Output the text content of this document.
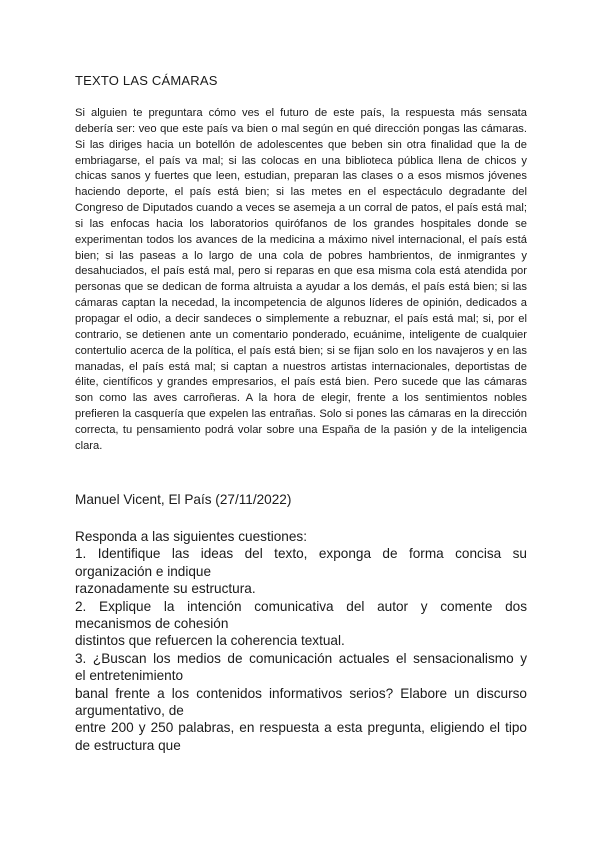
TEXTO LAS CÁMARAS

Si alguien te preguntara cómo ves el futuro de este país, la respuesta más sensata debería ser: veo que este país va bien o mal según en qué dirección pongas las cámaras. Si las diriges hacia un botellón de adolescentes que beben sin otra finalidad que la de embriagarse, el país va mal; si las colocas en una biblioteca pública llena de chicos y chicas sanos y fuertes que leen, estudian, preparan las clases o a esos mismos jóvenes haciendo deporte, el país está bien; si las metes en el espectáculo degradante del Congreso de Diputados cuando a veces se asemeja a un corral de patos, el país está mal; si las enfocas hacia los laboratorios quirófanos de los grandes hospitales donde se experimentan todos los avances de la medicina a máximo nivel internacional, el país está bien; si las paseas a lo largo de una cola de pobres hambrientos, de inmigrantes y desahuciados, el país está mal, pero si reparas en que esa misma cola está atendida por personas que se dedican de forma altruista a ayudar a los demás, el país está bien; si las cámaras captan la necedad, la incompetencia de algunos líderes de opinión, dedicados a propagar el odio, a decir sandeces o simplemente a rebuznar, el país está mal; si, por el contrario, se detienen ante un comentario ponderado, ecuánime, inteligente de cualquier contertulio acerca de la política, el país está bien; si se fijan solo en los navajeros y en las manadas, el país está mal; si captan a nuestros artistas internacionales, deportistas de élite, científicos y grandes empresarios, el país está bien. Pero sucede que las cámaras son como las aves carroñeras. A la hora de elegir, frente a los sentimientos nobles prefieren la casquería que expelen las entrañas. Solo si pones las cámaras en la dirección correcta, tu pensamiento podrá volar sobre una España de la pasión y de la inteligencia clara.

Manuel Vicent, El País (27/11/2022)
Responda a las siguientes cuestiones:
1. Identifique las ideas del texto, exponga de forma concisa su
organización e indique
razonadamente su estructura.
2. Explique la intención comunicativa del autor y comente dos
mecanismos de cohesión
distintos que refuercen la coherencia textual.
3. ¿Buscan los medios de comunicación actuales el sensacionalismo y
el entretenimiento
banal frente a los contenidos informativos serios? Elabore un discurso
argumentativo, de
entre 200 y 250 palabras, en respuesta a esta pregunta, eligiendo el tipo
de estructura que
